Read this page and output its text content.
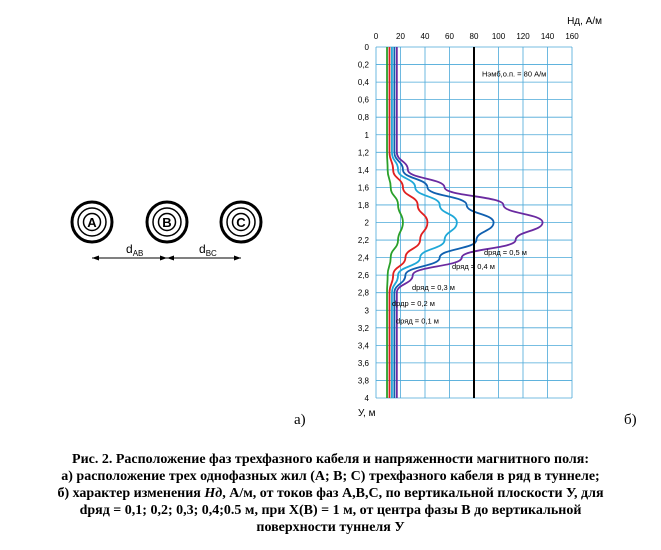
A	B	C
$d_{AB}$	$d_{BC}$
0 20 40 60 80 100 120 140 160
0
0,2
0,4
0,6
0,8
1
1,2
1,4
1,6
1,8
2
2,2
2,4
2,6
2,8
3
3,2
3,4
3,6
3,8
4
Нэмб,о.п. = 80 А/м
dряд = 0,1 м
dрдр = 0,2 м
dряд = 0,3 м
dряд = 0,4 м
dряд = 0,5 м
Hд, А/м
У, м
а)	б)
Рис. 2. Расположение фаз трехфазного кабеля и напряженности магнитного поля:
а) расположение трех однофазных жил (А; В; С) трехфазного кабеля в ряд в туннеле;
б) характер изменения Hд, А/м, от токов фаз А,В,С, по вертикальной плоскости У, для
dряд = 0,1; 0,2; 0,3; 0,4;0.5 м, при Х(В) = 1 м, от центра фазы В до вертикальной
поверхности туннеля У
